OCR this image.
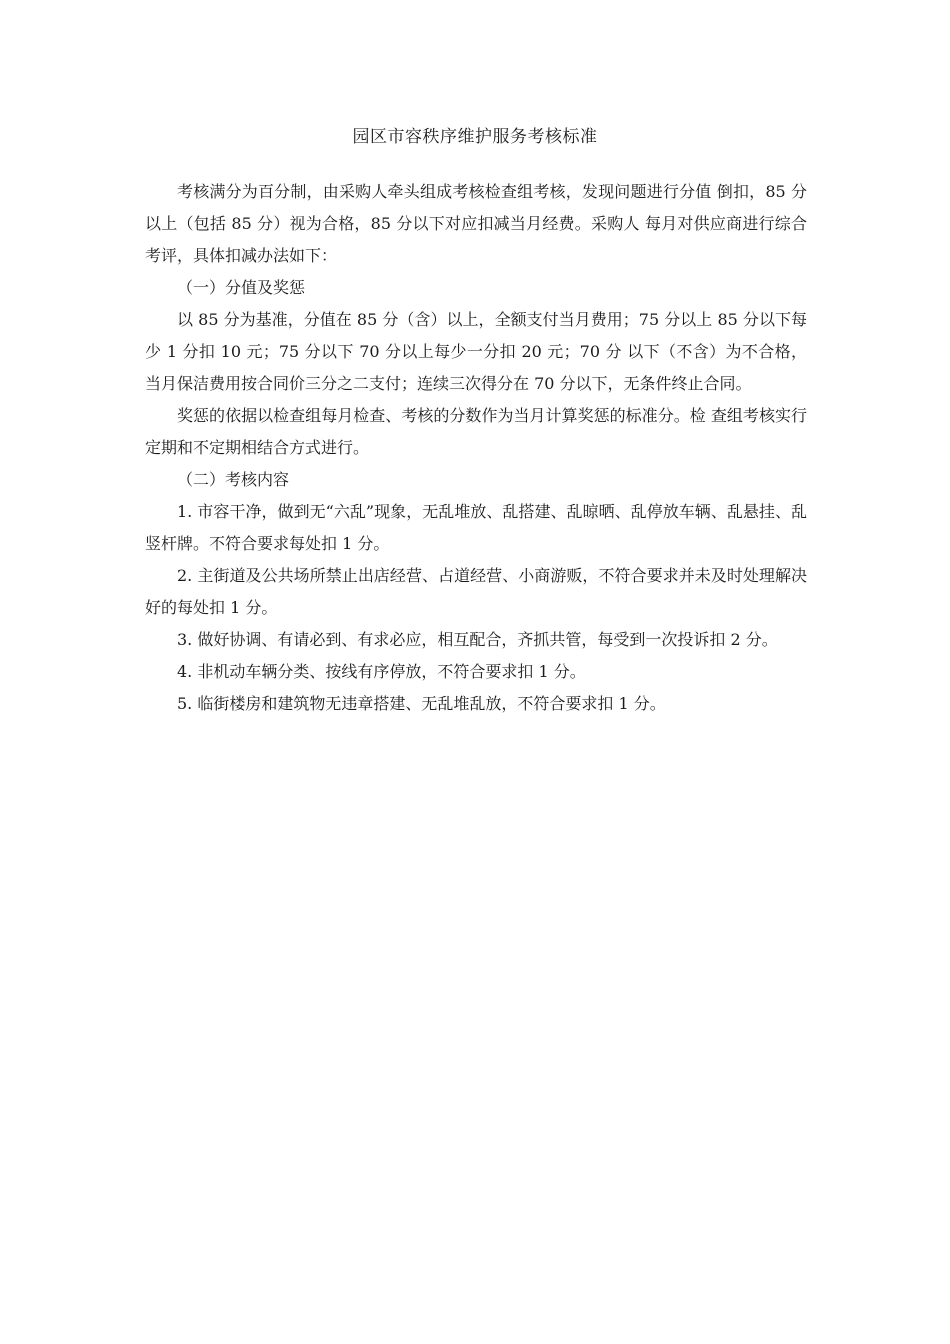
园区市容秩序维护服务考核标准

考核满分为百分制，由采购人牵头组成考核检查组考核，发现问题进行分值 倒扣，85 分以上（包括 85 分）视为合格，85 分以下对应扣减当月经费。采购人 每月对供应商进行综合考评，具体扣减办法如下：

（一）分值及奖惩

以 85 分为基准，分值在 85 分（含）以上，全额支付当月费用；75 分以上 85 分以下每少 1 分扣 10 元；75 分以下 70 分以上每少一分扣 20 元；70 分 以下（不含）为不合格，当月保洁费用按合同价三分之二支付；连续三次得分在 70 分以下，无条件终止合同。

奖惩的依据以检查组每月检查、考核的分数作为当月计算奖惩的标准分。检 查组考核实行定期和不定期相结合方式进行。

（二）考核内容

1. 市容干净，做到无“六乱”现象，无乱堆放、乱搭建、乱晾晒、乱停放车辆、乱悬挂、乱竖杆牌。不符合要求每处扣 1 分。

2. 主街道及公共场所禁止出店经营、占道经营、小商游贩，不符合要求并未及时处理解决好的每处扣 1 分。

3. 做好协调、有请必到、有求必应，相互配合，齐抓共管，每受到一次投诉扣 2 分。

4. 非机动车辆分类、按线有序停放，不符合要求扣 1 分。

5. 临街楼房和建筑物无违章搭建、无乱堆乱放，不符合要求扣 1 分。
